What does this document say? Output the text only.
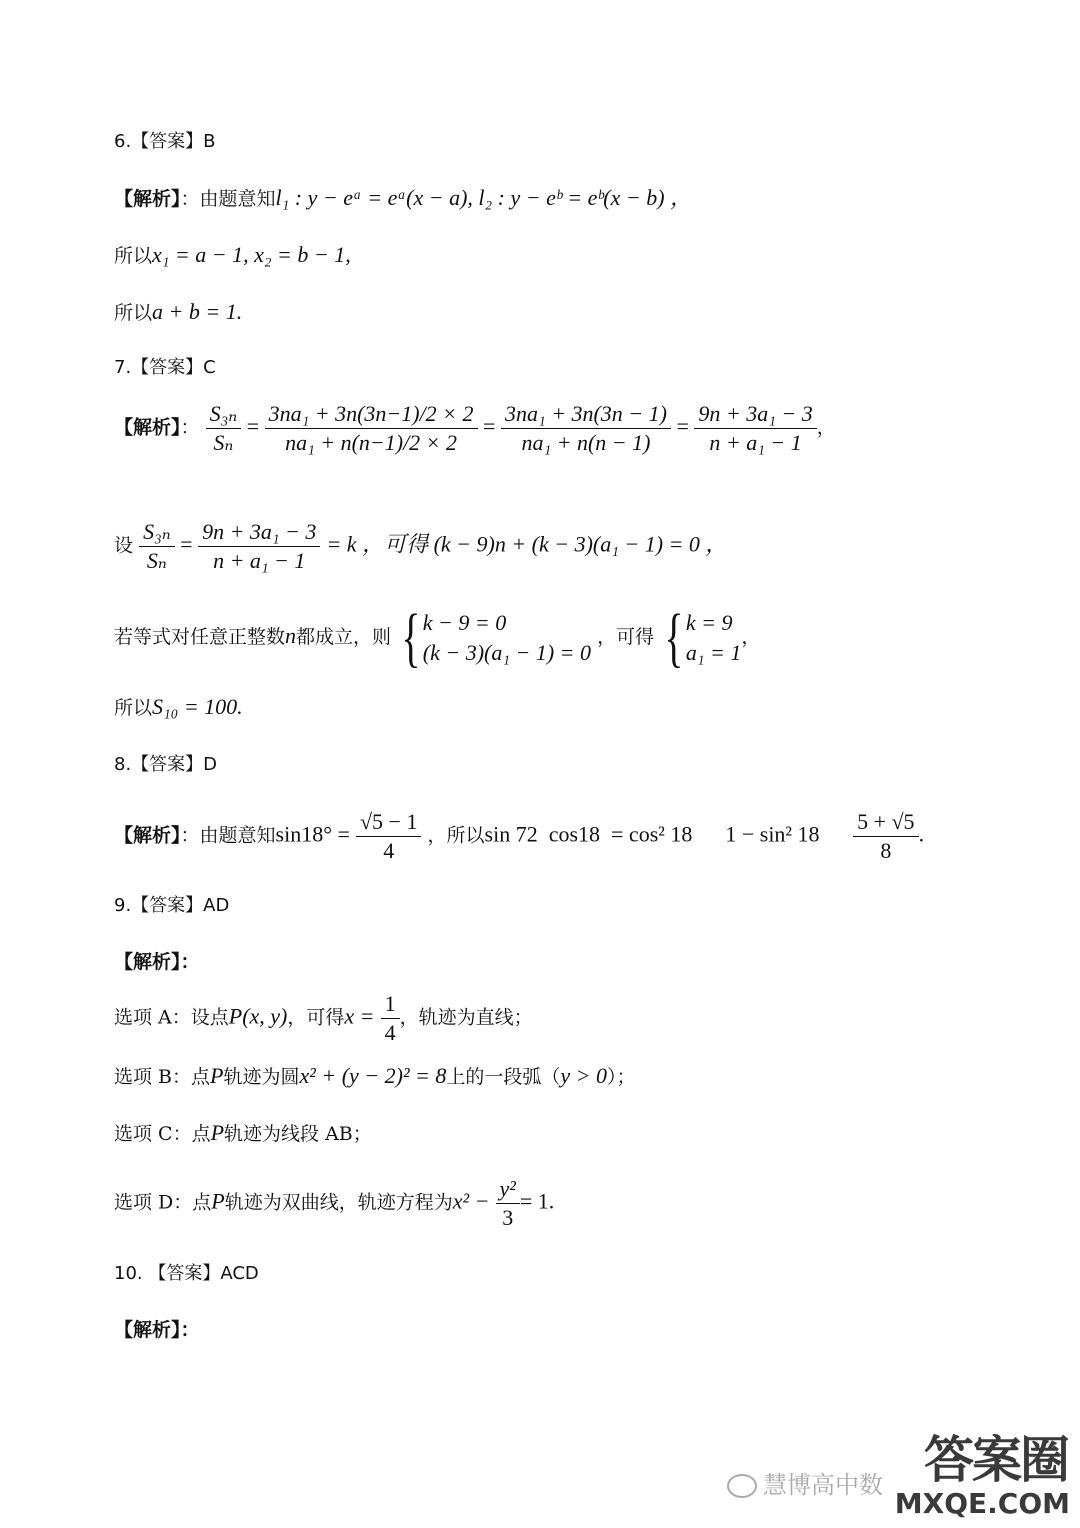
6.【答案】B
【解析】：由题意知l₁ : y − eᵃ = eᵃ(x − a), l₂ : y − eᵇ = eᵇ(x − b) ，
所以x₁ = a − 1, x₂ = b − 1,
所以a + b = 1.
7.【答案】C
【解析】： $\frac{\text{S₃ₙ}}{\text{Sₙ}} = \frac{\text{3na₁ + 3n(3n−1)/2 × 2}}{\text{na₁ + n(n−1)/2 × 2}} = \frac{\text{3na₁ + 3n(3n − 1)}}{\text{na₁ + n(n − 1)}} = \frac{\text{9n + 3a₁ − 3}}{\text{n + a₁ − 1}}$ ，
设 $\frac{\text{S₃ₙ}}{\text{Sₙ}} = \frac{\text{9n + 3a₁ − 3}}{\text{n + a₁ − 1}} = k$ ，可得 (k − 9)n + (k − 3)(a₁ − 1) = 0 ，
若等式对任意正整数n都成立，则 { k − 9 = 0
(k − 3)(a₁ − 1) = 0
，可得 { k = 9
a₁ = 1
，
所以S₁₀ = 100.
8.【答案】D
【解析】：由题意知$\sin 18^\circ = \frac{√5 - 1}{4}$ ，所以sin 72  cos18  = cos² 18      1 − sin² $18 \frac{5 + √5}{8}$ .
9.【答案】AD
【解析】：
选项 A：设点P(x, y)，可得$x = \frac{1}{4}$ ，轨迹为直线；
选项 B：点P轨迹为圆x² + (y − 2)² = 8上的一段弧（y > 0）；
选项 C：点P轨迹为线段 AB；
选项 D：点P轨迹为双曲线，轨迹方程为$x^2 - \frac{\text{y²}}{3} = 1$.
10. 【答案】ACD
【解析】：
慧博高中数 答案圈
MXQE.COM
